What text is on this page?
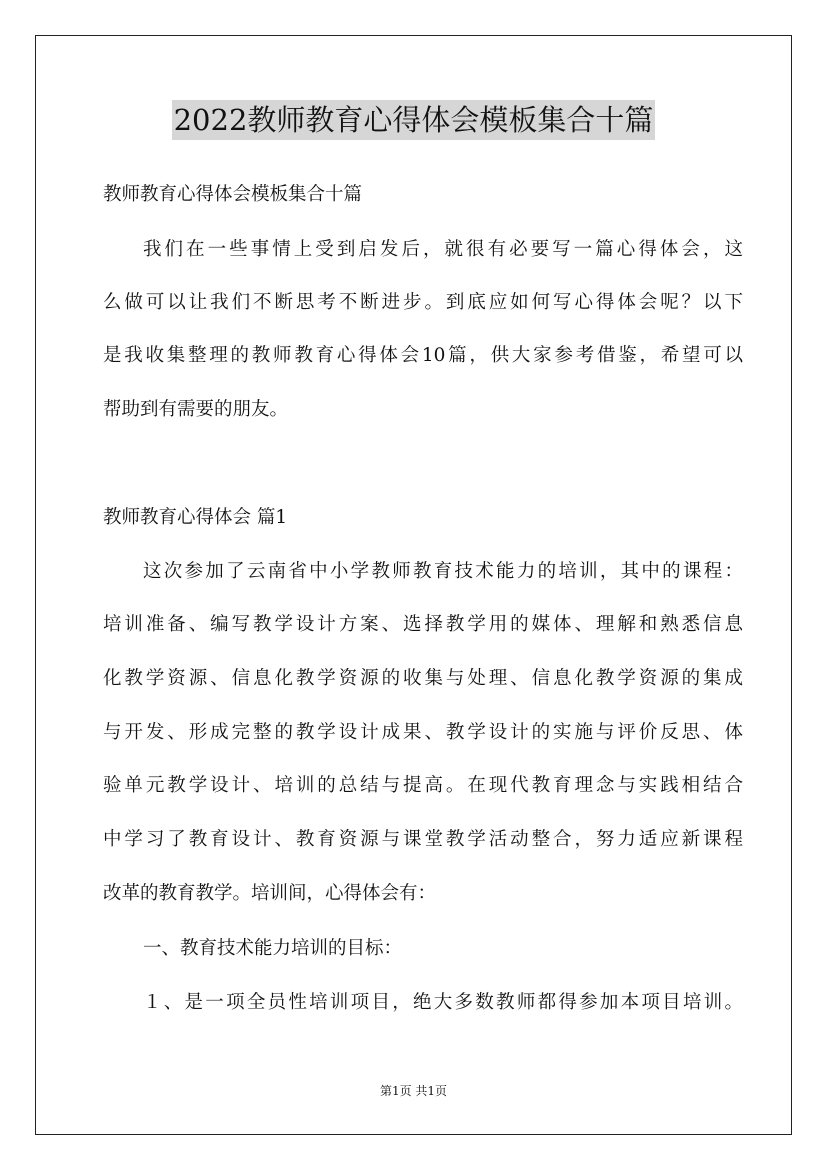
2022教师教育心得体会模板集合十篇
教师教育心得体会模板集合十篇
我们在一些事情上受到启发后，就很有必要写一篇心得体会，这
么做可以让我们不断思考不断进步。到底应如何写心得体会呢？以下
是我收集整理的教师教育心得体会10篇，供大家参考借鉴，希望可以
帮助到有需要的朋友。
教师教育心得体会 篇1
这次参加了云南省中小学教师教育技术能力的培训，其中的课程：
培训准备、编写教学设计方案、选择教学用的媒体、理解和熟悉信息
化教学资源、信息化教学资源的收集与处理、信息化教学资源的集成
与开发、形成完整的教学设计成果、教学设计的实施与评价反思、体
验单元教学设计、培训的总结与提高。在现代教育理念与实践相结合
中学习了教育设计、教育资源与课堂教学活动整合，努力适应新课程
改革的教育教学。培训间，心得体会有：
一、教育技术能力培训的目标：
１、是一项全员性培训项目，绝大多数教师都得参加本项目培训。
第1页 共1页
